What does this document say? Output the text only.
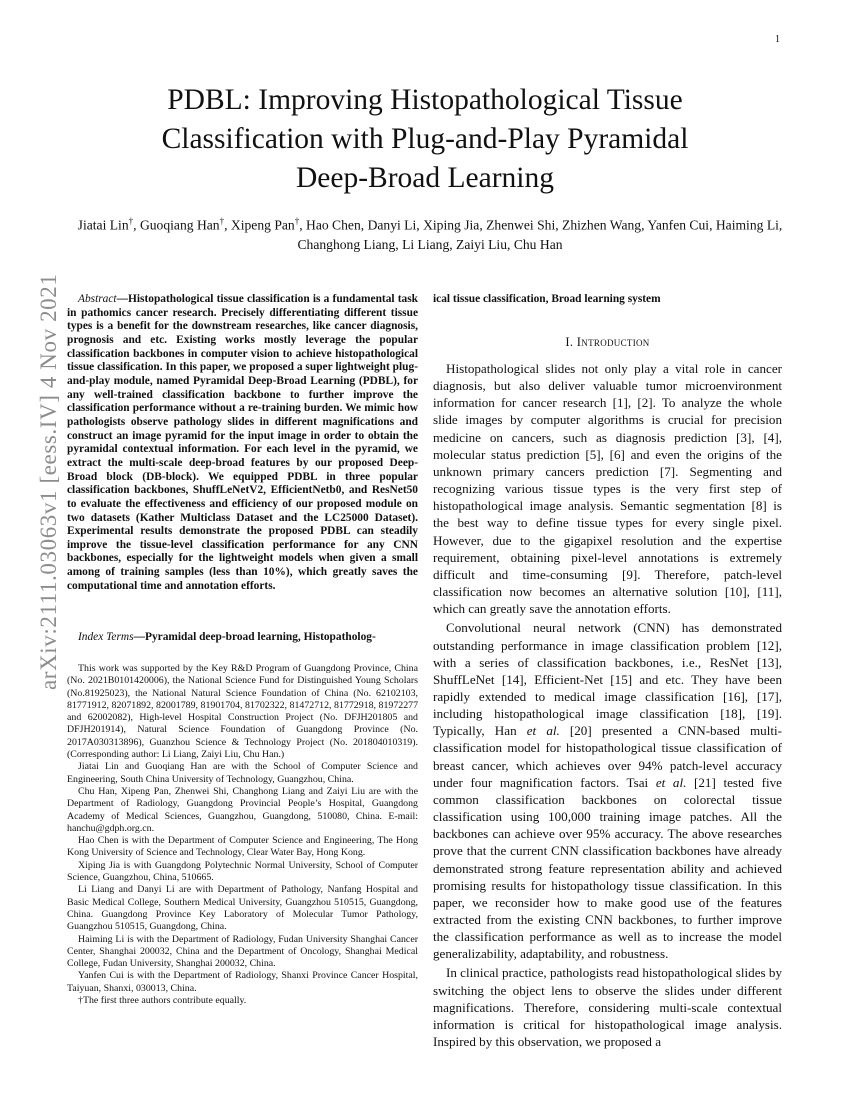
1
arXiv:2111.03063v1 [eess.IV] 4 Nov 2021
PDBL: Improving Histopathological Tissue
Classification with Plug-and-Play Pyramidal
Deep-Broad Learning
Jiatai Lin†, Guoqiang Han†, Xipeng Pan†, Hao Chen, Danyi Li, Xiping Jia, Zhenwei Shi, Zhizhen Wang, Yanfen Cui, Haiming Li, Changhong Liang, Li Liang, Zaiyi Liu, Chu Han
Abstract—Histopathological tissue classification is a fundamental task in pathomics cancer research. Precisely differentiating different tissue types is a benefit for the downstream researches, like cancer diagnosis, prognosis and etc. Existing works mostly leverage the popular classification backbones in computer vision to achieve histopathological tissue classification. In this paper, we proposed a super lightweight plug-and-play module, named Pyramidal Deep-Broad Learning (PDBL), for any well-trained classification backbone to further improve the classification performance without a re-training burden. We mimic how pathologists observe pathology slides in different magnifications and construct an image pyramid for the input image in order to obtain the pyramidal contextual information. For each level in the pyramid, we extract the multi-scale deep-broad features by our proposed Deep-Broad block (DB-block). We equipped PDBL in three popular classification backbones, ShuffLeNetV2, EfficientNetb0, and ResNet50 to evaluate the effectiveness and efficiency of our proposed module on two datasets (Kather Multiclass Dataset and the LC25000 Dataset). Experimental results demonstrate the proposed PDBL can steadily improve the tissue-level classification performance for any CNN backbones, especially for the lightweight models when given a small among of training samples (less than 10%), which greatly saves the computational time and annotation efforts.
Index Terms—Pyramidal deep-broad learning, Histopatholog-

This work was supported by the Key R&D Program of Guangdong Province, China (No. 2021B0101420006), the National Science Fund for Distinguished Young Scholars (No.81925023), the National Natural Science Foundation of China (No. 62102103, 81771912, 82071892, 82001789, 81901704, 81702322, 81472712, 81772918, 81972277 and 62002082), High-level Hospital Construction Project (No. DFJH201805 and DFJH201914), Natural Science Foundation of Guangdong Province (No. 2017A030313896), Guanzhou Science & Technology Project (No. 201804010319). (Corresponding author: Li Liang, Zaiyi Liu, Chu Han.)

Jiatai Lin and Guoqiang Han are with the School of Computer Science and Engineering, South China University of Technology, Guangzhou, China.

Chu Han, Xipeng Pan, Zhenwei Shi, Changhong Liang and Zaiyi Liu are with the Department of Radiology, Guangdong Provincial People’s Hospital, Guangdong Academy of Medical Sciences, Guangzhou, Guangdong, 510080, China. E-mail: hanchu@gdph.org.cn.

Hao Chen is with the Department of Computer Science and Engineering, The Hong Kong University of Science and Technology, Clear Water Bay, Hong Kong.

Xiping Jia is with Guangdong Polytechnic Normal University, School of Computer Science, Guangzhou, China, 510665.

Li Liang and Danyi Li are with Department of Pathology, Nanfang Hospital and Basic Medical College, Southern Medical University, Guangzhou 510515, Guangdong, China. Guangdong Province Key Laboratory of Molecular Tumor Pathology, Guangzhou 510515, Guangdong, China.

Haiming Li is with the Department of Radiology, Fudan University Shanghai Cancer Center, Shanghai 200032, China and the Department of Oncology, Shanghai Medical College, Fudan University, Shanghai 200032, China.

Yanfen Cui is with the Department of Radiology, Shanxi Province Cancer Hospital, Taiyuan, Shanxi, 030013, China.

†The first three authors contribute equally.

ical tissue classification, Broad learning system
I. Introduction

Histopathological slides not only play a vital role in cancer diagnosis, but also deliver valuable tumor microenvironment information for cancer research [1], [2]. To analyze the whole slide images by computer algorithms is crucial for precision medicine on cancers, such as diagnosis prediction [3], [4], molecular status prediction [5], [6] and even the origins of the unknown primary cancers prediction [7]. Segmenting and recognizing various tissue types is the very first step of histopathological image analysis. Semantic segmentation [8] is the best way to define tissue types for every single pixel. However, due to the gigapixel resolution and the expertise requirement, obtaining pixel-level annotations is extremely difficult and time-consuming [9]. Therefore, patch-level classification now becomes an alternative solution [10], [11], which can greatly save the annotation efforts.

Convolutional neural network (CNN) has demonstrated outstanding performance in image classification problem [12], with a series of classification backbones, i.e., ResNet [13], ShuffLeNet [14], Efficient-Net [15] and etc. They have been rapidly extended to medical image classification [16], [17], including histopathological image classification [18], [19]. Typically, Han et al. [20] presented a CNN-based multi-classification model for histopathological tissue classification of breast cancer, which achieves over 94% patch-level accuracy under four magnification factors. Tsai et al. [21] tested five common classification backbones on colorectal tissue classification using 100,000 training image patches. All the backbones can achieve over 95% accuracy. The above researches prove that the current CNN classification backbones have already demonstrated strong feature representation ability and achieved promising results for histopathology tissue classification. In this paper, we reconsider how to make good use of the features extracted from the existing CNN backbones, to further improve the classification performance as well as to increase the model generalizability, adaptability, and robustness.

In clinical practice, pathologists read histopathological slides by switching the object lens to observe the slides under different magnifications. Therefore, considering multi-scale contextual information is critical for histopathological image analysis. Inspired by this observation, we proposed a
